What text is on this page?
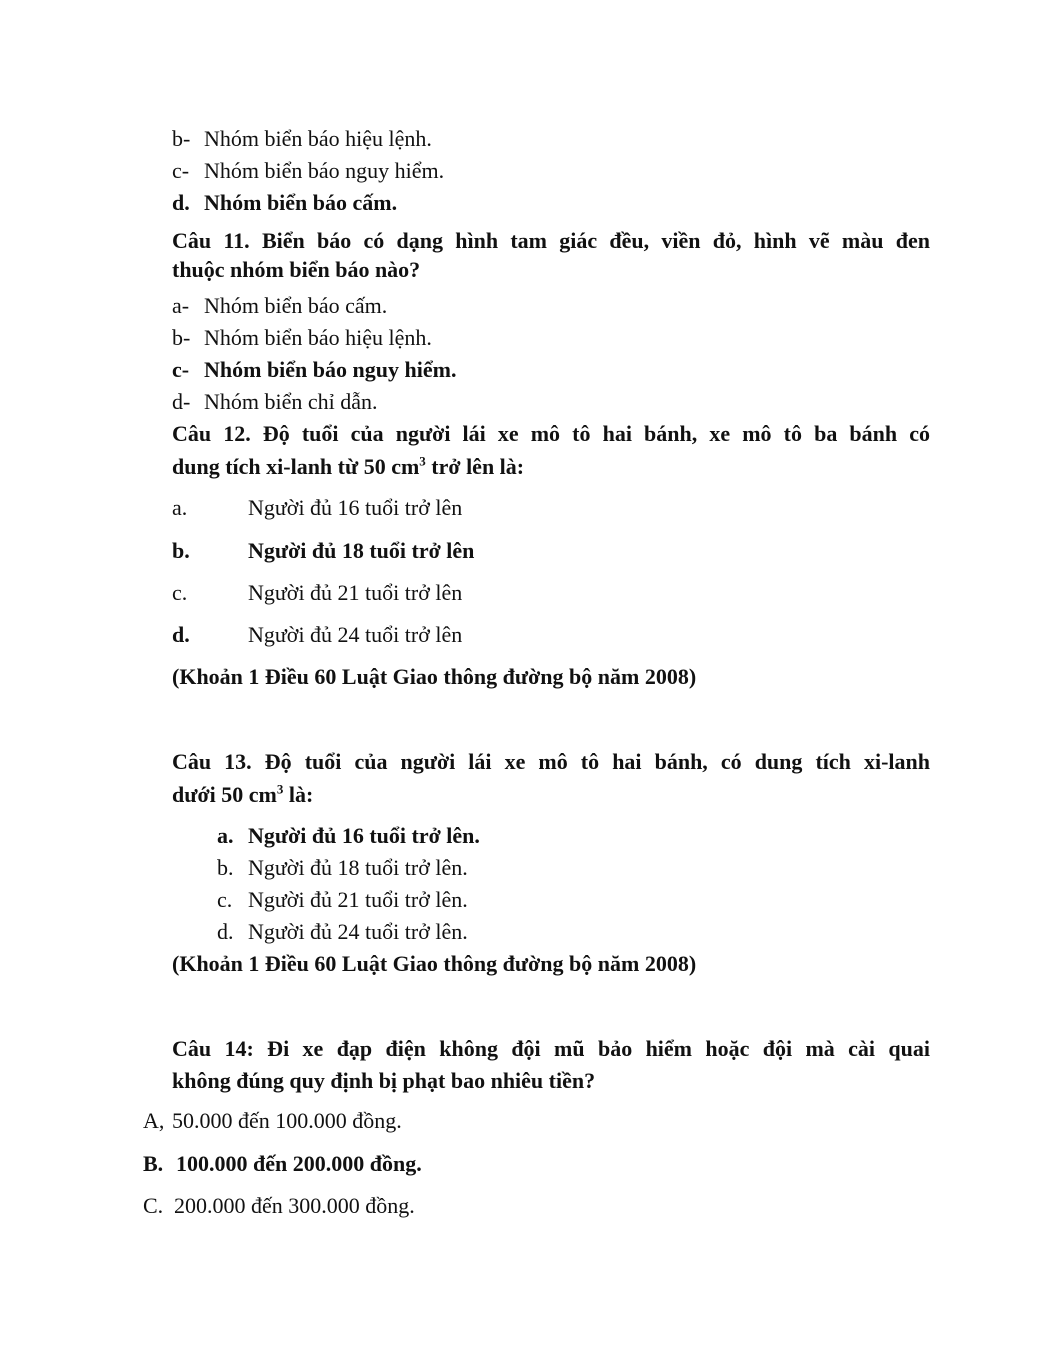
b- Nhóm biển báo hiệu lệnh.
c- Nhóm biển báo nguy hiểm.
d. Nhóm biển báo cấm.
Câu 11. Biển báo có dạng hình tam giác đều, viền đỏ, hình vẽ màu đen
thuộc nhóm biển báo nào?
a- Nhóm biển báo cấm.
b- Nhóm biển báo hiệu lệnh.
c- Nhóm biển báo nguy hiểm.
d- Nhóm biển chỉ dẫn.
Câu 12. Độ tuổi của người lái xe mô tô hai bánh, xe mô tô ba bánh có
dung tích xi-lanh từ 50 $cm^3$ trở lên là:
a.	Người đủ 16 tuổi trở lên
b.	Người đủ 18 tuổi trở lên
c.	Người đủ 21 tuổi trở lên
d.	Người đủ 24 tuổi trở lên
(Khoản 1 Điều 60 Luật Giao thông đường bộ năm 2008)
Câu 13. Độ tuổi của người lái xe mô tô hai bánh, có dung tích xi-lanh
dưới 50 $cm^3$ là:
a. Người đủ 16 tuổi trở lên.
b. Người đủ 18 tuổi trở lên.
c. Người đủ 21 tuổi trở lên.
d. Người đủ 24 tuổi trở lên.
(Khoản 1 Điều 60 Luật Giao thông đường bộ năm 2008)
Câu 14: Đi xe đạp điện không đội mũ bảo hiểm hoặc đội mà cài quai
không đúng quy định bị phạt bao nhiêu tiền?
A, 50.000 đến 100.000 đồng.
B. 100.000 đến 200.000 đồng.
C. 200.000 đến 300.000 đồng.
